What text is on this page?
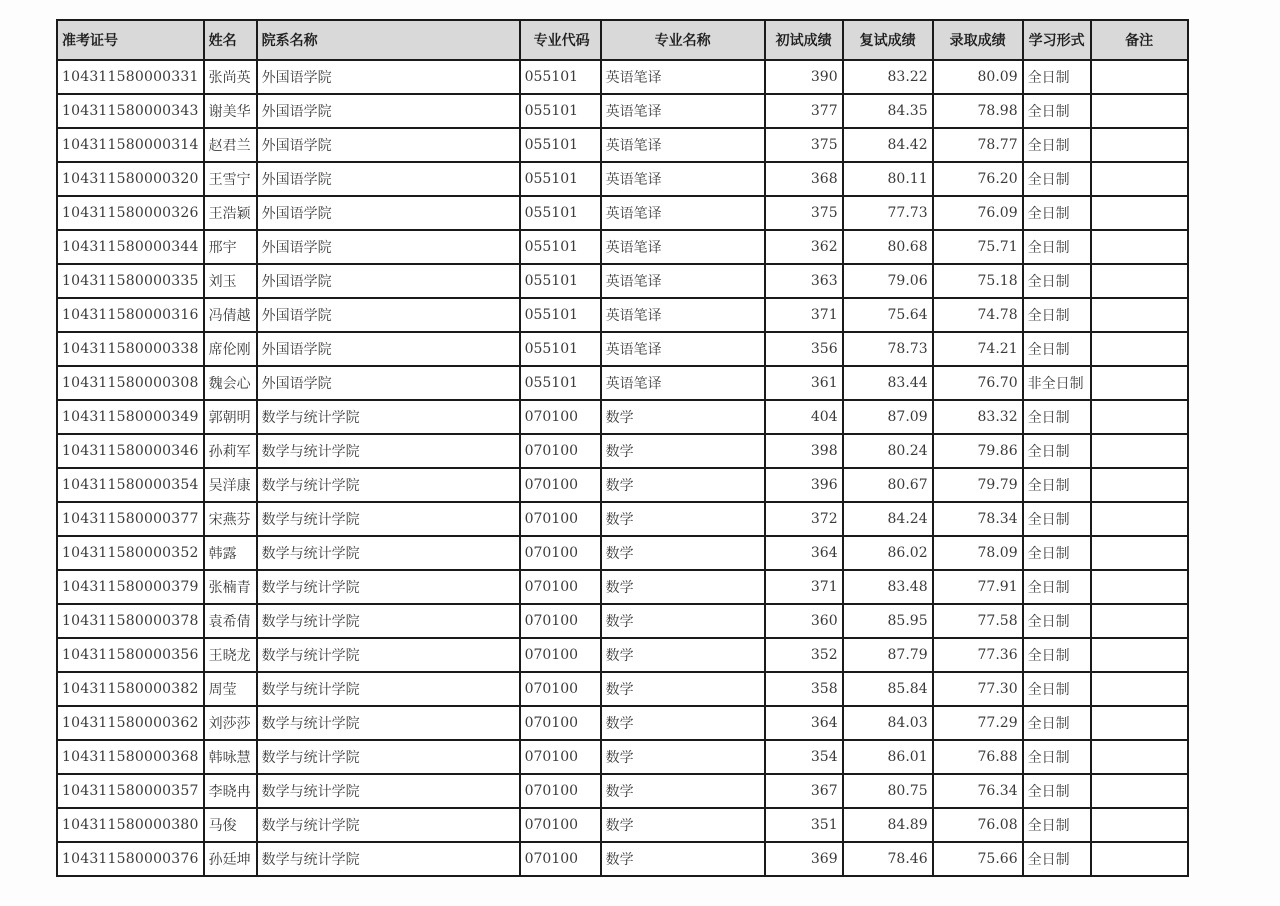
准考证号	姓名	院系名称	专业代码	专业名称	初试成绩	复试成绩	录取成绩	学习形式	备注
104311580000331	张尚英	外国语学院	055101	英语笔译	390	83.22	80.09	全日制	
104311580000343	谢美华	外国语学院	055101	英语笔译	377	84.35	78.98	全日制	
104311580000314	赵君兰	外国语学院	055101	英语笔译	375	84.42	78.77	全日制	
104311580000320	王雪宁	外国语学院	055101	英语笔译	368	80.11	76.20	全日制	
104311580000326	王浩颖	外国语学院	055101	英语笔译	375	77.73	76.09	全日制	
104311580000344	邢宇	外国语学院	055101	英语笔译	362	80.68	75.71	全日制	
104311580000335	刘玉	外国语学院	055101	英语笔译	363	79.06	75.18	全日制	
104311580000316	冯倩越	外国语学院	055101	英语笔译	371	75.64	74.78	全日制	
104311580000338	席伦刚	外国语学院	055101	英语笔译	356	78.73	74.21	全日制	
104311580000308	魏会心	外国语学院	055101	英语笔译	361	83.44	76.70	非全日制	
104311580000349	郭朝明	数学与统计学院	070100	数学	404	87.09	83.32	全日制	
104311580000346	孙莉军	数学与统计学院	070100	数学	398	80.24	79.86	全日制	
104311580000354	吴洋康	数学与统计学院	070100	数学	396	80.67	79.79	全日制	
104311580000377	宋燕芬	数学与统计学院	070100	数学	372	84.24	78.34	全日制	
104311580000352	韩露	数学与统计学院	070100	数学	364	86.02	78.09	全日制	
104311580000379	张楠青	数学与统计学院	070100	数学	371	83.48	77.91	全日制	
104311580000378	袁希倩	数学与统计学院	070100	数学	360	85.95	77.58	全日制	
104311580000356	王晓龙	数学与统计学院	070100	数学	352	87.79	77.36	全日制	
104311580000382	周莹	数学与统计学院	070100	数学	358	85.84	77.30	全日制	
104311580000362	刘莎莎	数学与统计学院	070100	数学	364	84.03	77.29	全日制	
104311580000368	韩咏慧	数学与统计学院	070100	数学	354	86.01	76.88	全日制	
104311580000357	李晓冉	数学与统计学院	070100	数学	367	80.75	76.34	全日制	
104311580000380	马俊	数学与统计学院	070100	数学	351	84.89	76.08	全日制	
104311580000376	孙廷坤	数学与统计学院	070100	数学	369	78.46	75.66	全日制	
